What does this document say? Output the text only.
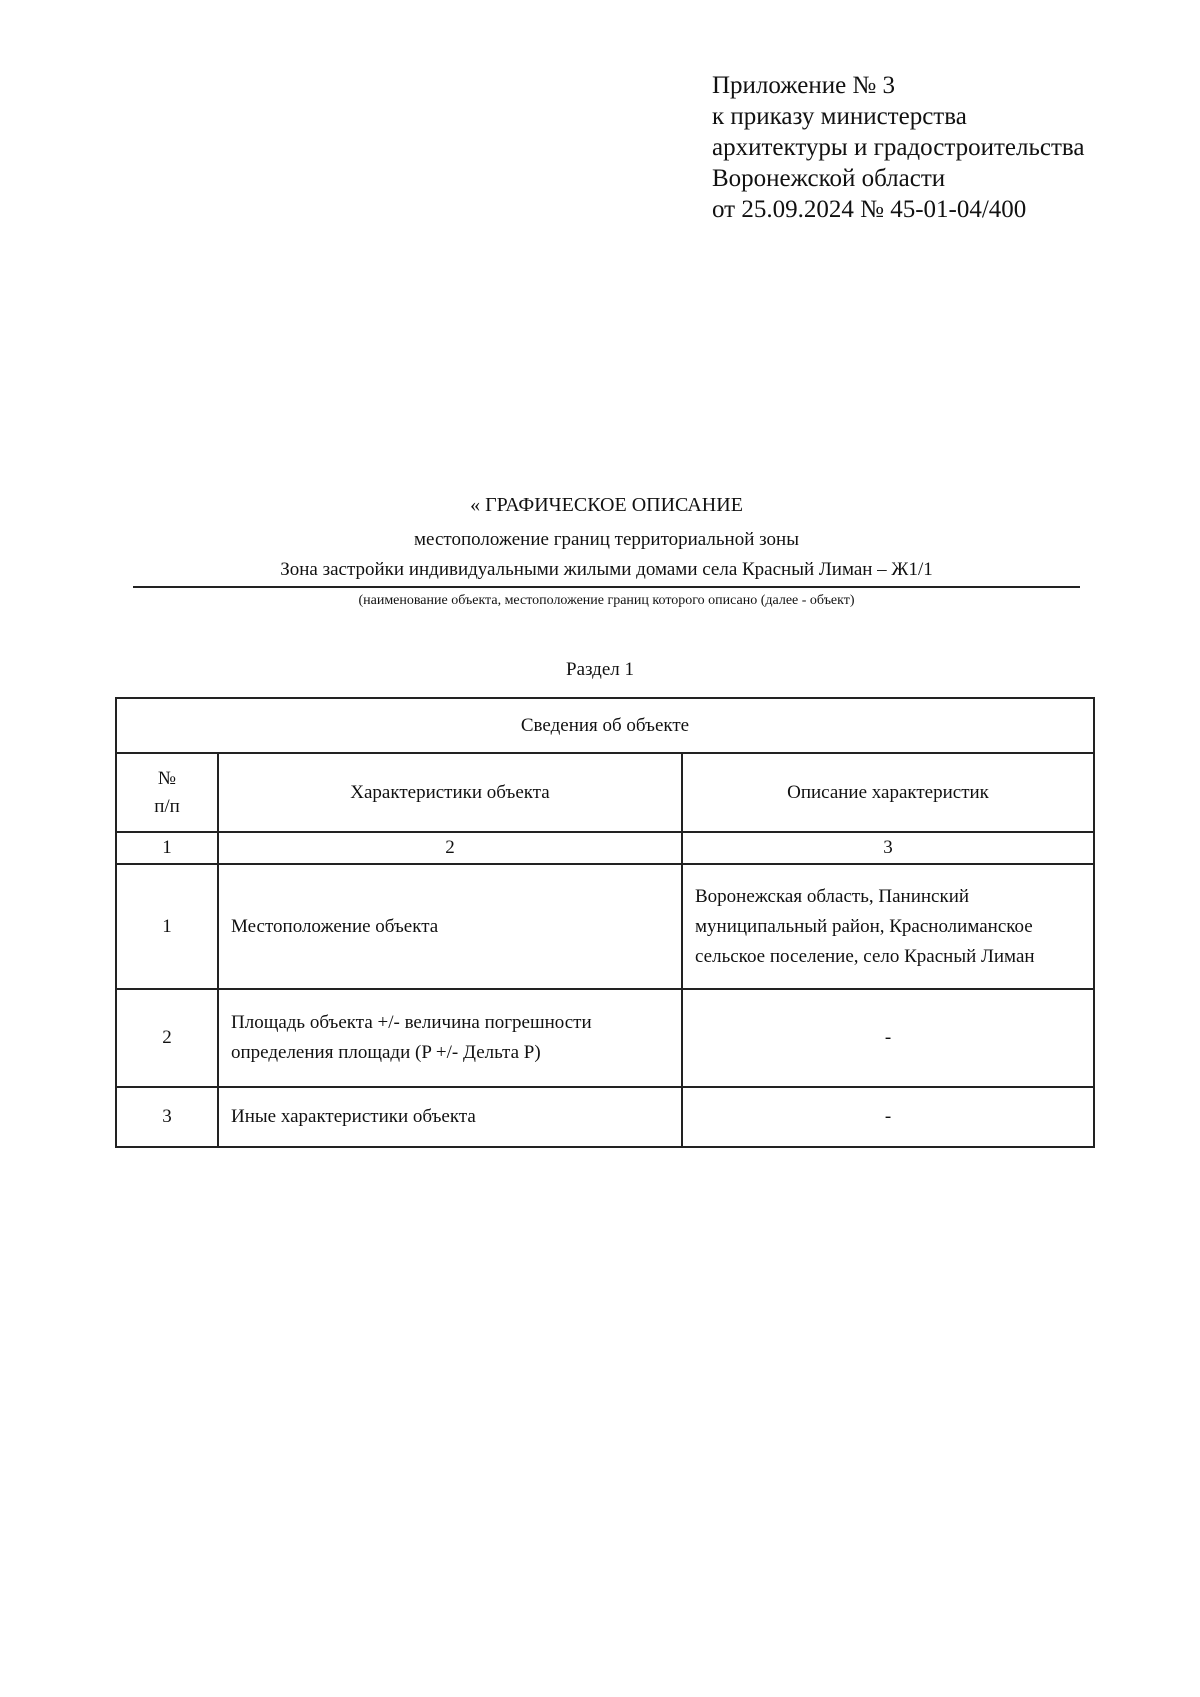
Приложение № 3
к приказу министерства
архитектуры и градостроительства
Воронежской области
от 25.09.2024 № 45-01-04/400
« ГРАФИЧЕСКОЕ ОПИСАНИЕ
местоположение границ территориальной зоны
Зона застройки индивидуальными жилыми домами села Красный Лиман – Ж1/1
(наименование объекта, местоположение границ которого описано (далее - объект)
Раздел 1
Сведения об объекте		
№
п/п	Характеристики объекта	Описание характеристик
1	2	3
1	Местоположение объекта	Воронежская область, Панинский муниципальный район, Краснолиманское сельское поселение, село Красный Лиман
2	Площадь объекта +/- величина погрешности определения площади (P +/- Дельта P)	-
3	Иные характеристики объекта	-
